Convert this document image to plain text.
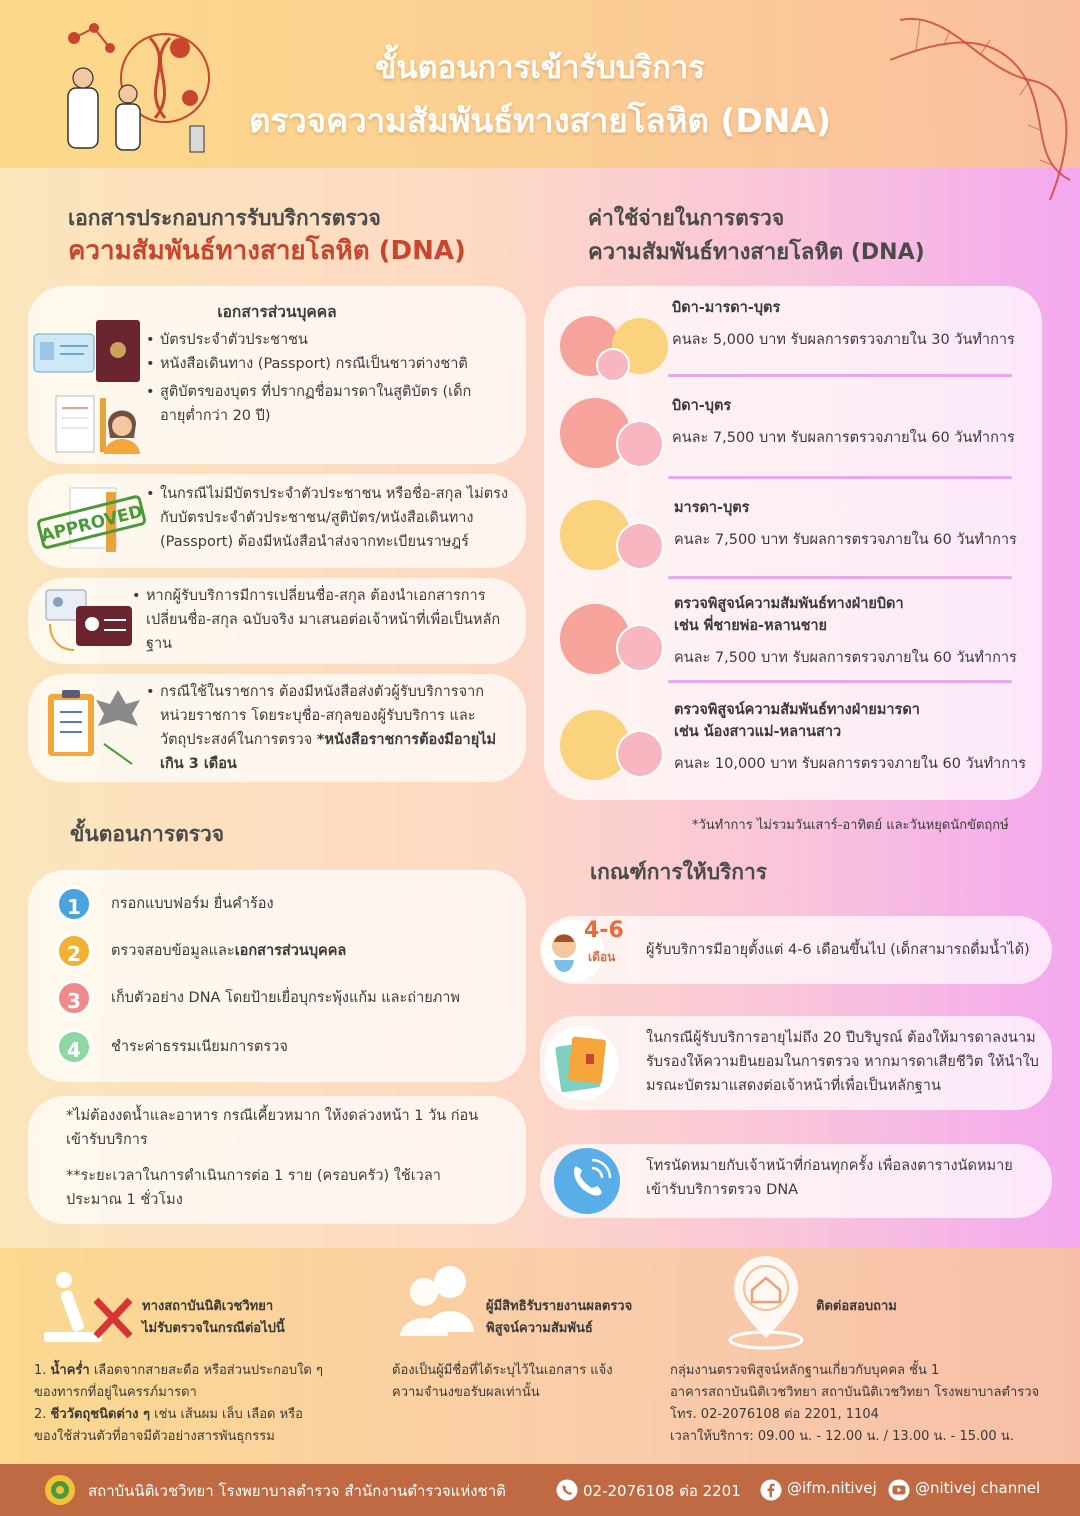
ขั้นตอนการเข้ารับบริการ
ตรวจความสัมพันธ์ทางสายโลหิต (DNA)
เอกสารประกอบการรับบริการตรวจ
ความสัมพันธ์ทางสายโลหิต (DNA)
เอกสารส่วนบุคคล
• บัตรประจำตัวประชาชน
• หนังสือเดินทาง (Passport) กรณีเป็นชาวต่างชาติ
• สูติบัตรของบุตร ที่ปรากฏชื่อมารดาในสูติบัตร (เด็กอายุต่ำกว่า 20 ปี)
APPROVED
• ในกรณีไม่มีบัตรประจำตัวประชาชน หรือชื่อ-สกุล ไม่ตรงกับบัตรประจำตัวประชาชน/สูติบัตร/หนังสือเดินทาง (Passport) ต้องมีหนังสือนำส่งจากทะเบียนราษฎร์
• หากผู้รับบริการมีการเปลี่ยนชื่อ-สกุล ต้องนำเอกสารการเปลี่ยนชื่อ-สกุล ฉบับจริง มาเสนอต่อเจ้าหน้าที่เพื่อเป็นหลักฐาน
• กรณีใช้ในราชการ ต้องมีหนังสือส่งตัวผู้รับบริการจากหน่วยราชการ โดยระบุชื่อ-สกุลของผู้รับบริการ และวัตถุประสงค์ในการตรวจ *หนังสือราชการต้องมีอายุไม่เกิน 3 เดือน
ค่าใช้จ่ายในการตรวจ
ความสัมพันธ์ทางสายโลหิต (DNA)
บิดา-มารดา-บุตร
คนละ 5,000 บาท รับผลการตรวจภายใน 30 วันทำการ
บิดา-บุตร
คนละ 7,500 บาท รับผลการตรวจภายใน 60 วันทำการ
มารดา-บุตร
คนละ 7,500 บาท รับผลการตรวจภายใน 60 วันทำการ
ตรวจพิสูจน์ความสัมพันธ์ทางฝ่ายบิดา
เช่น พี่ชายพ่อ-หลานชาย
คนละ 7,500 บาท รับผลการตรวจภายใน 60 วันทำการ
ตรวจพิสูจน์ความสัมพันธ์ทางฝ่ายมารดา
เช่น น้องสาวแม่-หลานสาว
คนละ 10,000 บาท รับผลการตรวจภายใน 60 วันทำการ
*วันทำการ ไม่รวมวันเสาร์-อาทิตย์ และวันหยุดนักขัตฤกษ์
ขั้นตอนการตรวจ
1	กรอกแบบฟอร์ม ยื่นคำร้อง
2	ตรวจสอบข้อมูลและเอกสารส่วนบุคคล
3	เก็บตัวอย่าง DNA โดยป้ายเยื่อบุกระพุ้งแก้ม และถ่ายภาพ
4	ชำระค่าธรรมเนียมการตรวจ
*ไม่ต้องงดน้ำและอาหาร กรณีเคี้ยวหมาก ให้งดล่วงหน้า 1 วัน ก่อนเข้ารับบริการ
**ระยะเวลาในการดำเนินการต่อ 1 ราย (ครอบครัว) ใช้เวลาประมาณ 1 ชั่วโมง
เกณฑ์การให้บริการ
4-6
เดือน ผู้รับบริการมีอายุตั้งแต่ 4-6 เดือนขึ้นไป (เด็กสามารถดื่มน้ำได้)
ในกรณีผู้รับบริการอายุไม่ถึง 20 ปีบริบูรณ์ ต้องให้มารดาลงนามรับรองให้ความยินยอมในการตรวจ หากมารดาเสียชีวิต ให้นำใบมรณะบัตรมาแสดงต่อเจ้าหน้าที่เพื่อเป็นหลักฐาน
โทรนัดหมายกับเจ้าหน้าที่ก่อนทุกครั้ง เพื่อลงตารางนัดหมาย เข้ารับบริการตรวจ DNA
ทางสถาบันนิติเวชวิทยา
ไม่รับตรวจในกรณีต่อไปนี้
1. น้ำคร่ำ เลือดจากสายสะดือ หรือส่วนประกอบใด ๆ ของทารกที่อยู่ในครรภ์มารดา
2. ชีววัตถุชนิดต่าง ๆ เช่น เส้นผม เล็บ เลือด หรือ ของใช้ส่วนตัวที่อาจมีตัวอย่างสารพันธุกรรม
ผู้มีสิทธิรับรายงานผลตรวจ
พิสูจน์ความสัมพันธ์
ต้องเป็นผู้มีชื่อที่ได้ระบุไว้ในเอกสาร แจ้งความจำนงขอรับผลเท่านั้น
ติดต่อสอบถาม
กลุ่มงานตรวจพิสูจน์หลักฐานเกี่ยวกับบุคคล ชั้น 1
อาคารสถาบันนิติเวชวิทยา สถาบันนิติเวชวิทยา โรงพยาบาลตำรวจ
โทร. 02-2076108 ต่อ 2201, 1104
เวลาให้บริการ: 09.00 น. - 12.00 น. / 13.00 น. - 15.00 น.
สถาบันนิติเวชวิทยา โรงพยาบาลตำรวจ สำนักงานตำรวจแห่งชาติ	02-2076108 ต่อ 2201	@ifm.nitivej	@nitivej channel
